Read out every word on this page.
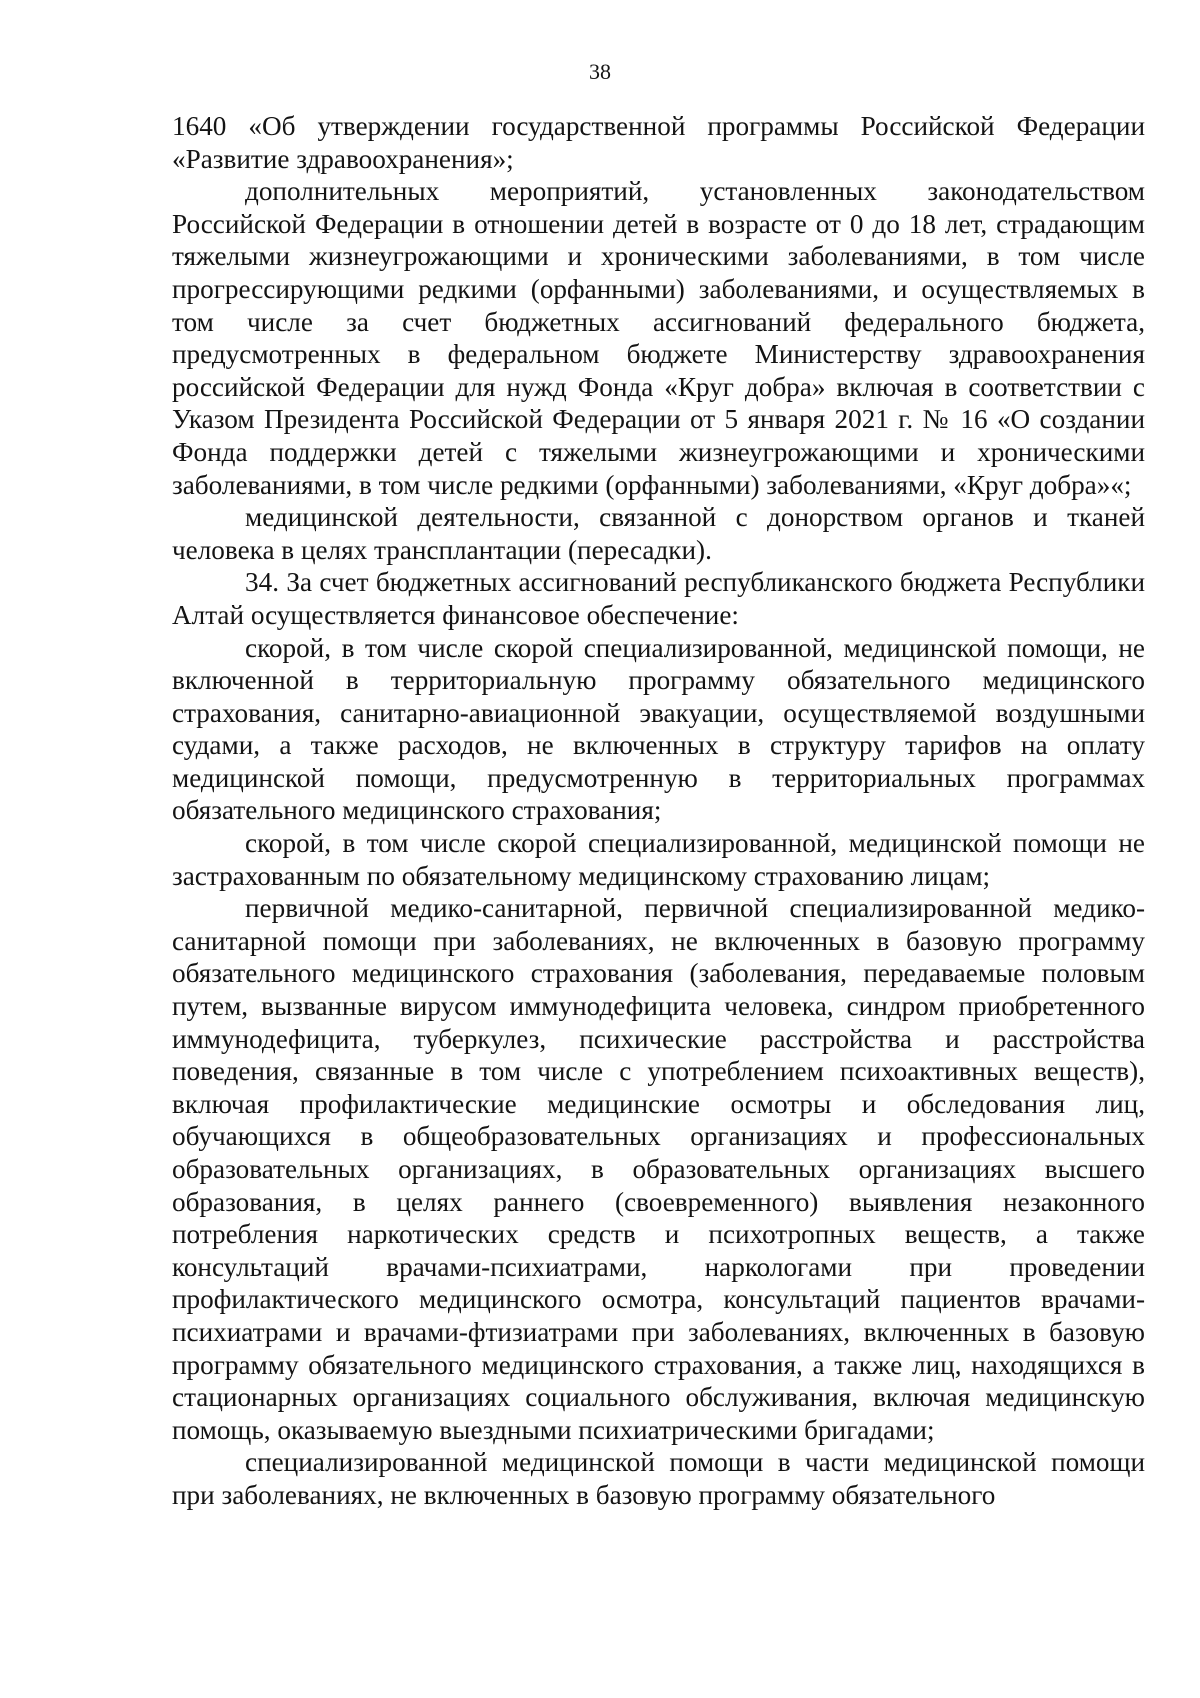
38

1640 «Об утверждении государственной программы Российской Федерации «Развитие здравоохранения»;

дополнительных мероприятий, установленных законодательством Российской Федерации в отношении детей в возрасте от 0 до 18 лет, страдающим тяжелыми жизнеугрожающими и хроническими заболеваниями, в том числе прогрессирующими редкими (орфанными) заболеваниями, и осуществляемых в том числе за счет бюджетных ассигнований федерального бюджета, предусмотренных в федеральном бюджете Министерству здравоохранения российской Федерации для нужд Фонда «Круг добра» включая в соответствии с Указом Президента Российской Федерации от 5 января 2021 г. № 16 «О создании Фонда поддержки детей с тяжелыми жизнеугрожающими и хроническими заболеваниями, в том числе редкими (орфанными) заболеваниями, «Круг добра»«;

медицинской деятельности, связанной с донорством органов и тканей человека в целях трансплантации (пересадки).

34. За счет бюджетных ассигнований республиканского бюджета Республики Алтай осуществляется финансовое обеспечение:

скорой, в том числе скорой специализированной, медицинской помощи, не включенной в территориальную программу обязательного медицинского страхования, санитарно-авиационной эвакуации, осуществляемой воздушными судами, а также расходов, не включенных в структуру тарифов на оплату медицинской помощи, предусмотренную в территориальных программах обязательного медицинского страхования;

скорой, в том числе скорой специализированной, медицинской помощи не застрахованным по обязательному медицинскому страхованию лицам;

первичной медико-санитарной, первичной специализированной медико-санитарной помощи при заболеваниях, не включенных в базовую программу обязательного медицинского страхования (заболевания, передаваемые половым путем, вызванные вирусом иммунодефицита человека, синдром приобретенного иммунодефицита, туберкулез, психические расстройства и расстройства поведения, связанные в том числе с употреблением психоактивных веществ), включая профилактические медицинские осмотры и обследования лиц, обучающихся в общеобразовательных организациях и профессиональных образовательных организациях, в образовательных организациях высшего образования, в целях раннего (своевременного) выявления незаконного потребления наркотических средств и психотропных веществ, а также консультаций врачами-психиатрами, наркологами при проведении профилактического медицинского осмотра, консультаций пациентов врачами-психиатрами и врачами-фтизиатрами при заболеваниях, включенных в базовую программу обязательного медицинского страхования, а также лиц, находящихся в стационарных организациях социального обслуживания, включая медицинскую помощь, оказываемую выездными психиатрическими бригадами;

специализированной медицинской помощи в части медицинской помощи при заболеваниях, не включенных в базовую программу обязательного
